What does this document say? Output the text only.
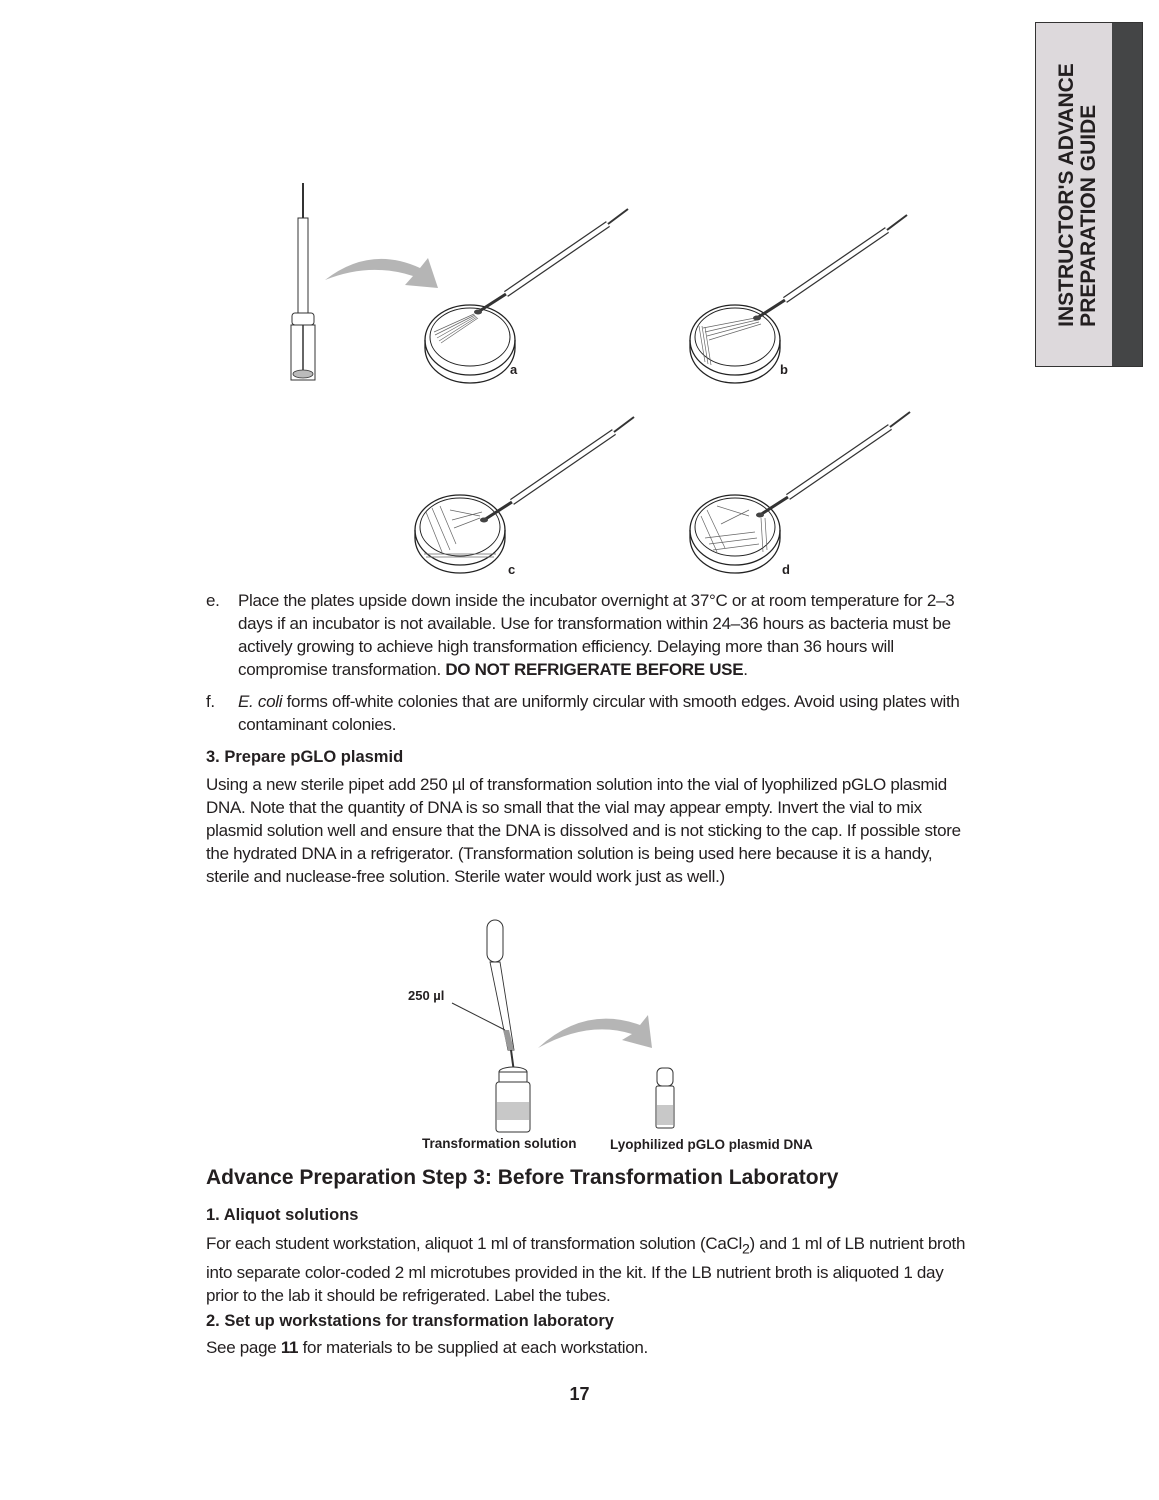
INSTRUCTOR'S ADVANCE PREPARATION GUIDE
a	b
c	d
e. Place the plates upside down inside the incubator overnight at 37°C or at room temperature for 2–3 days if an incubator is not available. Use for transformation within 24–36 hours as bacteria must be actively growing to achieve high transformation efficiency. Delaying more than 36 hours will compromise transformation. DO NOT REFRIGERATE BEFORE USE.
f. E. coli forms off-white colonies that are uniformly circular with smooth edges. Avoid using plates with contaminant colonies.
3. Prepare pGLO plasmid
Using a new sterile pipet add 250 µl of transformation solution into the vial of lyophilized pGLO plasmid DNA. Note that the quantity of DNA is so small that the vial may appear empty. Invert the vial to mix plasmid solution well and ensure that the DNA is dissolved and is not sticking to the cap. If possible store the hydrated DNA in a refrigerator. (Transformation solution is being used here because it is a handy, sterile and nuclease-free solution. Sterile water would work just as well.)
250 µl
Transformation solution Lyophilized pGLO plasmid DNA
Advance Preparation Step 3: Before Transformation Laboratory
1. Aliquot solutions
For each student workstation, aliquot 1 ml of transformation solution (CaCl$_2$) and 1 ml of LB nutrient broth into separate color-coded 2 ml microtubes provided in the kit. If the LB nutrient broth is aliquoted 1 day prior to the lab it should be refrigerated. Label the tubes.
2. Set up workstations for transformation laboratory
See page 11 for materials to be supplied at each workstation.
17
